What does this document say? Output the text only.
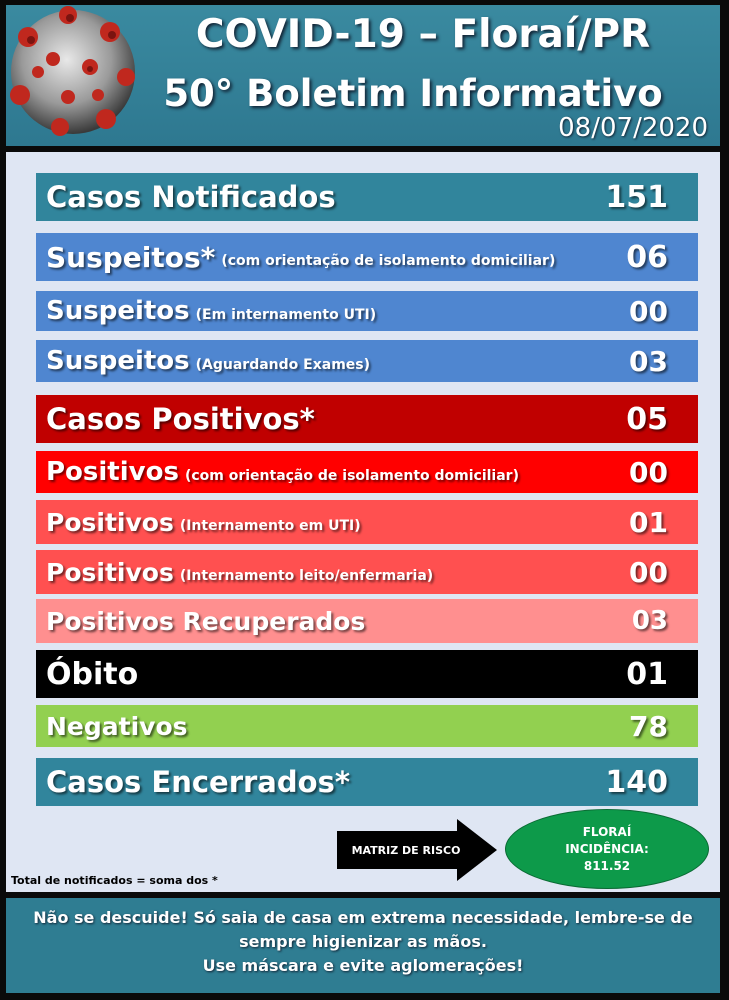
COVID-19 – Floraí/PR
50° Boletim Informativo
08/07/2020
Casos Notificados	151
Suspeitos* (com orientação de isolamento domiciliar) 06
Suspeitos (Em internamento UTI)	00
Suspeitos (Aguardando Exames)	03
Casos Positivos*	05
Positivos (com orientação de isolamento domiciliar)	00
Positivos (Internamento em UTI)	01
Positivos (Internamento leito/enfermaria)	00
Positivos Recuperados	03
Óbito	01
Negativos	78
Casos Encerrados*	140
MATRIZ DE RISCO
FLORAÍ
INCIDÊNCIA:
811.52
Total de notificados = soma dos *
Não se descuide! Só saia de casa em extrema necessidade, lembre-se de
sempre higienizar as mãos.
Use máscara e evite aglomerações!
